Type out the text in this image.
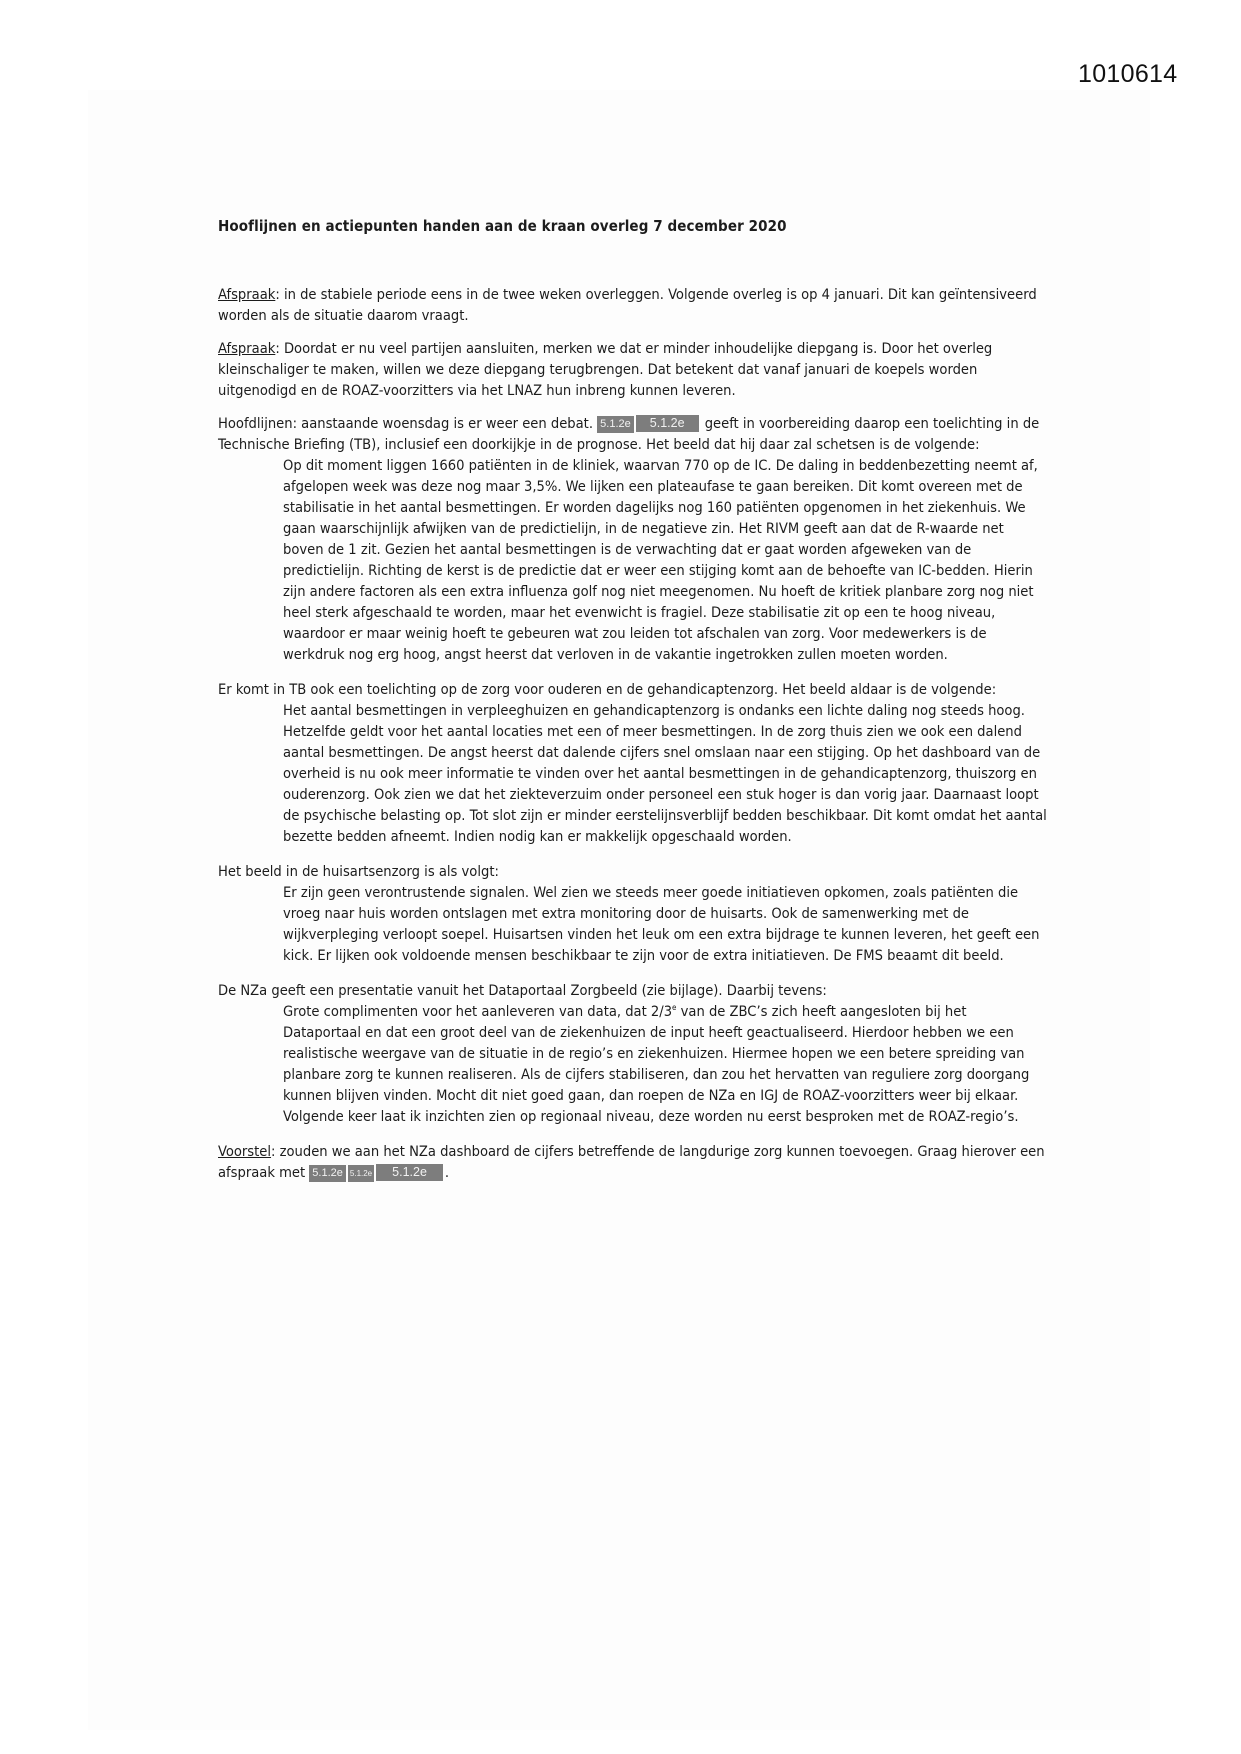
1010614
Hooflijnen en actiepunten handen aan de kraan overleg 7 december 2020

Afspraak: in de stabiele periode eens in de twee weken overleggen. Volgende overleg is op 4 januari. Dit kan geïntensiveerd worden als de situatie daarom vraagt.

Afspraak: Doordat er nu veel partijen aansluiten, merken we dat er minder inhoudelijke diepgang is. Door het overleg kleinschaliger te maken, willen we deze diepgang terugbrengen. Dat betekent dat vanaf januari de koepels worden uitgenodigd en de ROAZ-voorzitters via het LNAZ hun inbreng kunnen leveren.

Hoofdlijnen: aanstaande woensdag is er weer een debat. 5.1.2e 5.1.2e geeft in voorbereiding daarop een toelichting in de Technische Briefing (TB), inclusief een doorkijkje in de prognose. Het beeld dat hij daar zal schetsen is de volgende:
Op dit moment liggen 1660 patiënten in de kliniek, waarvan 770 op de IC. De daling in beddenbezetting neemt af, afgelopen week was deze nog maar 3,5%. We lijken een plateaufase te gaan bereiken. Dit komt overeen met de stabilisatie in het aantal besmettingen. Er worden dagelijks nog 160 patiënten opgenomen in het ziekenhuis. We gaan waarschijnlijk afwijken van de predictielijn, in de negatieve zin. Het RIVM geeft aan dat de R-waarde net boven de 1 zit. Gezien het aantal besmettingen is de verwachting dat er gaat worden afgeweken van de predictielijn. Richting de kerst is de predictie dat er weer een stijging komt aan de behoefte van IC-bedden. Hierin zijn andere factoren als een extra influenza golf nog niet meegenomen. Nu hoeft de kritiek planbare zorg nog niet heel sterk afgeschaald te worden, maar het evenwicht is fragiel. Deze stabilisatie zit op een te hoog niveau, waardoor er maar weinig hoeft te gebeuren wat zou leiden tot afschalen van zorg. Voor medewerkers is de werkdruk nog erg hoog, angst heerst dat verloven in de vakantie ingetrokken zullen moeten worden.
Er komt in TB ook een toelichting op de zorg voor ouderen en de gehandicaptenzorg. Het beeld aldaar is de volgende:
Het aantal besmettingen in verpleeghuizen en gehandicaptenzorg is ondanks een lichte daling nog steeds hoog. Hetzelfde geldt voor het aantal locaties met een of meer besmettingen. In de zorg thuis zien we ook een dalend aantal besmettingen. De angst heerst dat dalende cijfers snel omslaan naar een stijging. Op het dashboard van de overheid is nu ook meer informatie te vinden over het aantal besmettingen in de gehandicaptenzorg, thuiszorg en ouderenzorg. Ook zien we dat het ziekteverzuim onder personeel een stuk hoger is dan vorig jaar. Daarnaast loopt de psychische belasting op. Tot slot zijn er minder eerstelijnsverblijf bedden beschikbaar. Dit komt omdat het aantal bezette bedden afneemt. Indien nodig kan er makkelijk opgeschaald worden.
Het beeld in de huisartsenzorg is als volgt:
Er zijn geen verontrustende signalen. Wel zien we steeds meer goede initiatieven opkomen, zoals patiënten die vroeg naar huis worden ontslagen met extra monitoring door de huisarts. Ook de samenwerking met de wijkverpleging verloopt soepel. Huisartsen vinden het leuk om een extra bijdrage te kunnen leveren, het geeft een kick. Er lijken ook voldoende mensen beschikbaar te zijn voor de extra initiatieven. De FMS beaamt dit beeld.
De NZa geeft een presentatie vanuit het Dataportaal Zorgbeeld (zie bijlage). Daarbij tevens:
Grote complimenten voor het aanleveren van data, dat 2/3e van de ZBC’s zich heeft aangesloten bij het Dataportaal en dat een groot deel van de ziekenhuizen de input heeft geactualiseerd. Hierdoor hebben we een realistische weergave van de situatie in de regio’s en ziekenhuizen. Hiermee hopen we een betere spreiding van planbare zorg te kunnen realiseren. Als de cijfers stabiliseren, dan zou het hervatten van reguliere zorg doorgang kunnen blijven vinden. Mocht dit niet goed gaan, dan roepen de NZa en IGJ de ROAZ-voorzitters weer bij elkaar. Volgende keer laat ik inzichten zien op regionaal niveau, deze worden nu eerst besproken met de ROAZ-regio’s.

Voorstel: zouden we aan het NZa dashboard de cijfers betreffende de langdurige zorg kunnen toevoegen. Graag hierover een afspraak met 5.1.2e 5.1.2e 5.1.2e .
